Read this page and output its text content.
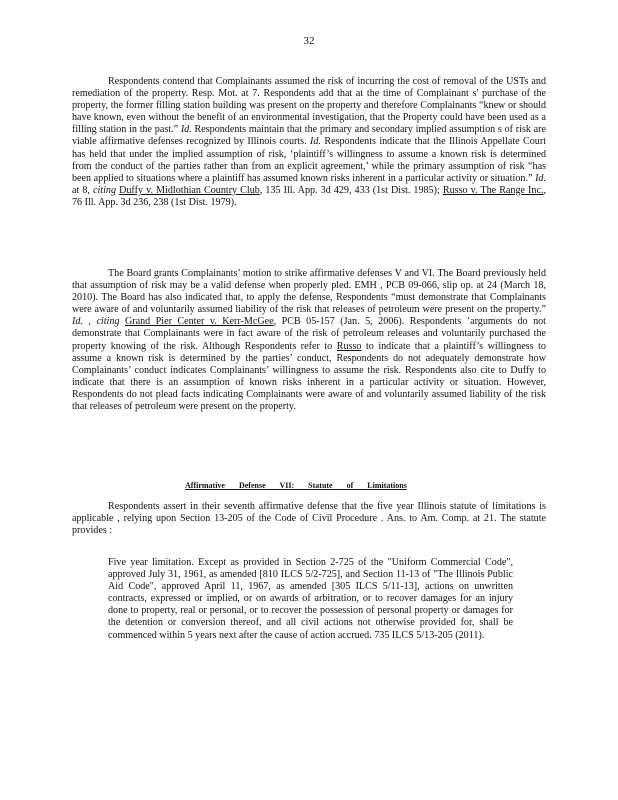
32

Respondents contend that Complainants assumed the risk of incurring the cost of removal of the USTs and remediation of the property. Resp. Mot. at 7. Respondents add that at the time of Complainant s' purchase of the property, the former filling station building was present on the property and therefore Complainants “knew or should have known, even without the benefit of an environmental investigation, that the Property could have been used as a filling station in the past.” Id. Respondents maintain that the primary and secondary implied assumption s of risk are viable affirmative defenses recognized by Illinois courts. Id. Respondents indicate that the Illinois Appellate Court has held that under the implied assumption of risk, ‘plaintiff’s willingness to assume a known risk is determined from the conduct of the parties rather than from an explicit agreement,’ while the primary assumption of risk “has been applied to situations where a plaintiff has assumed known risks inherent in a particular activity or situation.” Id. at 8, citing Duffy v. Midlothian Country Club, 135 Ill. App. 3d 429, 433 (1st Dist. 1985); Russo v. The Range Inc., 76 Ill. App. 3d 236, 238 (1st Dist. 1979).

The Board grants Complainants’ motion to strike affirmative defenses V and VI. The Board previously held that assumption of risk may be a valid defense when properly pled. EMH , PCB 09-066, slip op. at 24 (March 18, 2010). The Board has also indicated that, to apply the defense, Respondents “must demonstrate that Complainants were aware of and voluntarily assumed liability of the risk that releases of petroleum were present on the property.” Id. , citing Grand Pier Center v. Kerr-McGee, PCB 05-157 (Jan. 5, 2006). Respondents ’arguments do not demonstrate that Complainants were in fact aware of the risk of petroleum releases and voluntarily purchased the property knowing of the risk. Although Respondents refer to Russo to indicate that a plaintiff’s willingness to assume a known risk is determined by the parties’ conduct, Respondents do not adequately demonstrate how Complainants’ conduct indicates Complainants’ willingness to assume the risk. Respondents also cite to Duffy to indicate that there is an assumption of known risks inherent in a particular activity or situation. However, Respondents do not plead facts indicating Complainants were aware of and voluntarily assumed liability of the risk that releases of petroleum were present on the property.

Affirmative Defense VII: Statute of Limitations

Respondents assert in their seventh affirmative defense that the five year Illinois statute of limitations is applicable , relying upon Section 13-205 of the Code of Civil Procedure . Ans. to Am. Comp. at 21. The statute provides :

Five year limitation. Except as provided in Section 2-725 of the "Uniform Commercial Code", approved July 31, 1961, as amended [810 ILCS 5/2-725], and Section 11-13 of "The Illinois Public Aid Code", approved April 11, 1967, as amended [305 ILCS 5/11-13], actions on unwritten contracts, expressed or implied, or on awards of arbitration, or to recover damages for an injury done to property, real or personal, or to recover the possession of personal property or damages for the detention or conversion thereof, and all civil actions not otherwise provided for, shall be commenced within 5 years next after the cause of action accrued. 735 ILCS 5/13-205 (2011).
